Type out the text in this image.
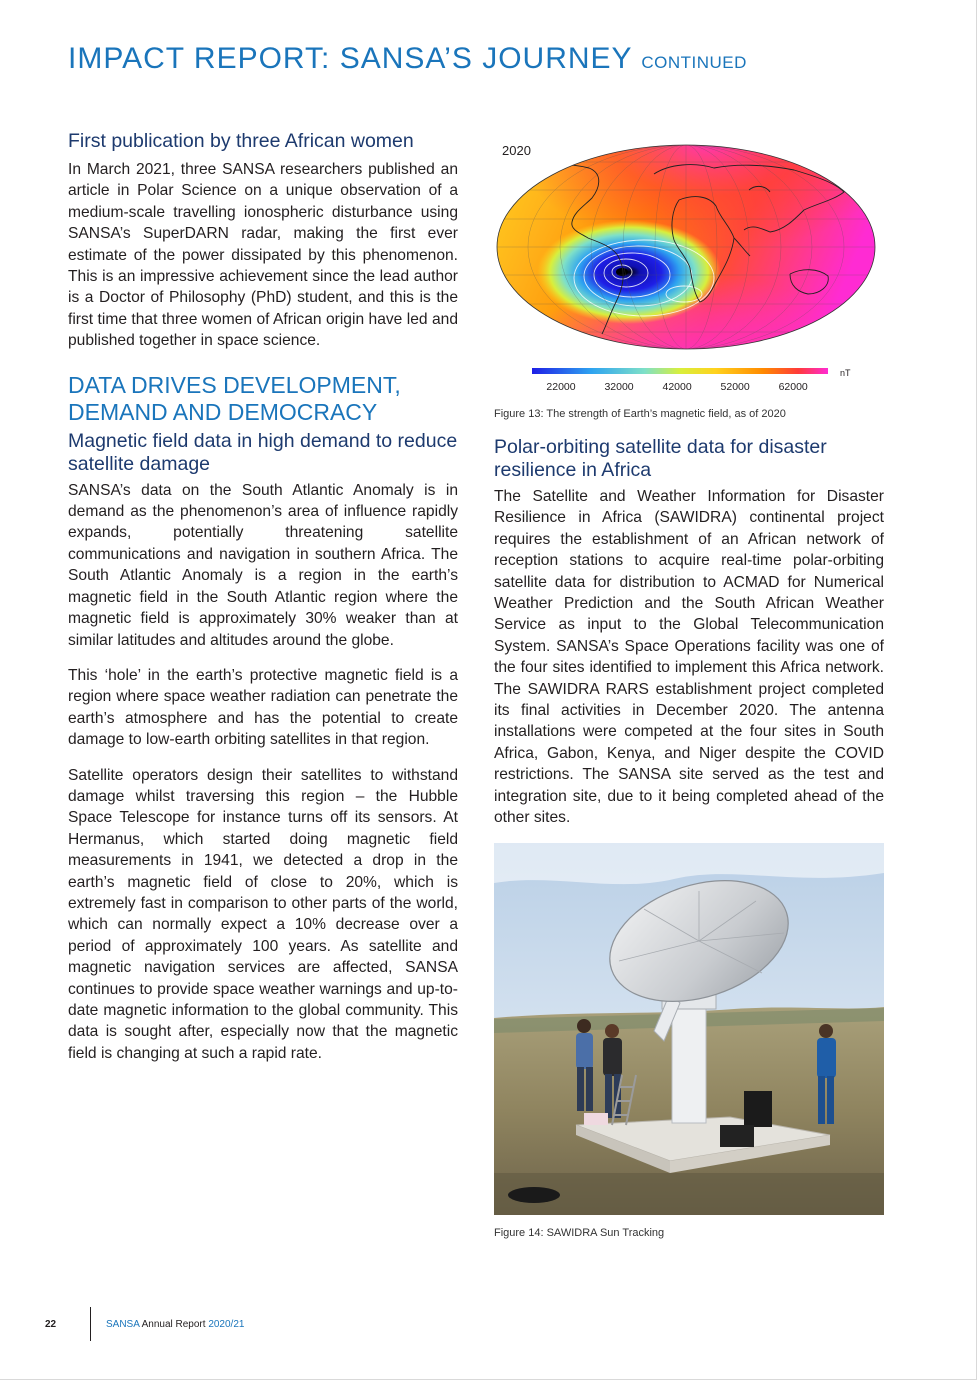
IMPACT REPORT: SANSA’S JOURNEY CONTINUED
First publication by three African women

In March 2021, three SANSA researchers published an article in Polar Science on a unique observation of a medium-scale travelling ionospheric disturbance using SANSA’s SuperDARN radar, making the first ever estimate of the power dissipated by this phenomenon. This is an impressive achievement since the lead author is a Doctor of Philosophy (PhD) student, and this is the first time that three women of African origin have led and published together in space science.

DATA DRIVES DEVELOPMENT,
DEMAND AND DEMOCRACY
Magnetic field data in high demand to reduce satellite damage

SANSA’s data on the South Atlantic Anomaly is in demand as the phenomenon’s area of influence rapidly expands, potentially threatening satellite communications and navigation in southern Africa. The South Atlantic Anomaly is a region in the earth’s magnetic field in the South Atlantic region where the magnetic field is approximately 30% weaker than at similar latitudes and altitudes around the globe.

This ‘hole’ in the earth’s protective magnetic field is a region where space weather radiation can penetrate the earth’s atmosphere and has the potential to create damage to low-earth orbiting satellites in that region.

Satellite operators design their satellites to withstand damage whilst traversing this region – the Hubble Space Telescope for instance turns off its sensors. At Hermanus, which started doing magnetic field measurements in 1941, we detected a drop in the earth’s magnetic field of close to 20%, which is extremely fast in comparison to other parts of the world, which can normally expect a 10% decrease over a period of approximately 100 years. As satellite and magnetic navigation services are affected, SANSA continues to provide space weather warnings and up-to-date magnetic information to the global community. This data is sought after, especially now that the magnetic field is changing at such a rapid rate.

2020
nT
22000	32000	42000	52000	62000
Figure 13: The strength of Earth’s magnetic field, as of 2020
Polar-orbiting satellite data for disaster resilience in Africa

The Satellite and Weather Information for Disaster Resilience in Africa (SAWIDRA) continental project requires the establishment of an African network of reception stations to acquire real-time polar-orbiting satellite data for distribution to ACMAD for Numerical Weather Prediction and the South African Weather Service as input to the Global Telecommunication System. SANSA’s Space Operations facility was one of the four sites identified to implement this Africa network. The SAWIDRA RARS establishment project completed its final activities in December 2020. The antenna installations were competed at the four sites in South Africa, Gabon, Kenya, and Niger despite the COVID restrictions. The SANSA site served as the test and integration site, due to it being completed ahead of the other sites.

Figure 14: SAWIDRA Sun Tracking
22	SANSA Annual Report 2020/21
